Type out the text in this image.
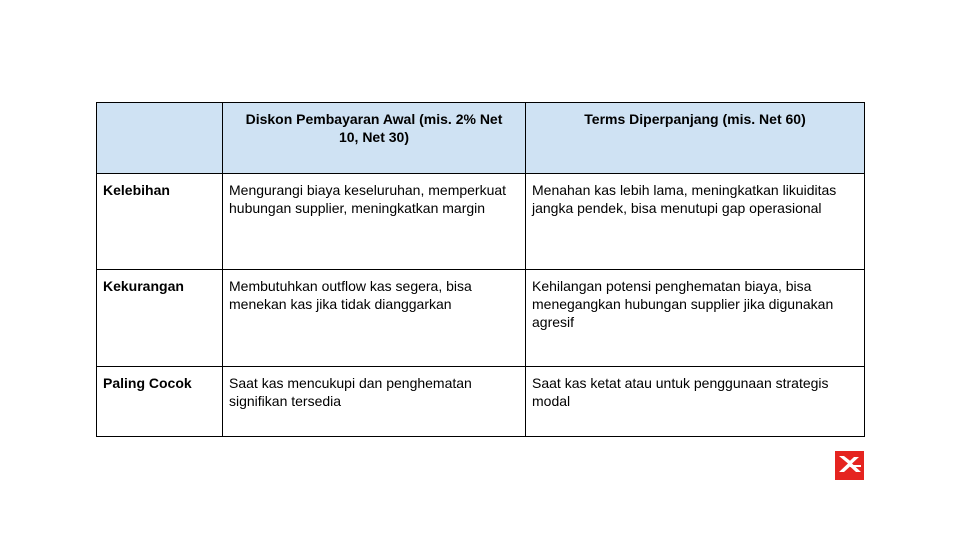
	Diskon Pembayaran Awal (mis. 2% Net 10, Net 30)	Terms Diperpanjang (mis. Net 60)
Kelebihan	Mengurangi biaya keseluruhan, memperkuat hubungan supplier, meningkatkan margin	Menahan kas lebih lama, meningkatkan likuiditas jangka pendek, bisa menutupi gap operasional
Kekurangan	Membutuhkan outflow kas segera, bisa menekan kas jika tidak dianggarkan	Kehilangan potensi penghematan biaya, bisa menegangkan hubungan supplier jika digunakan agresif
Paling Cocok	Saat kas mencukupi dan penghematan signifikan tersedia	Saat kas ketat atau untuk penggunaan strategis modal
